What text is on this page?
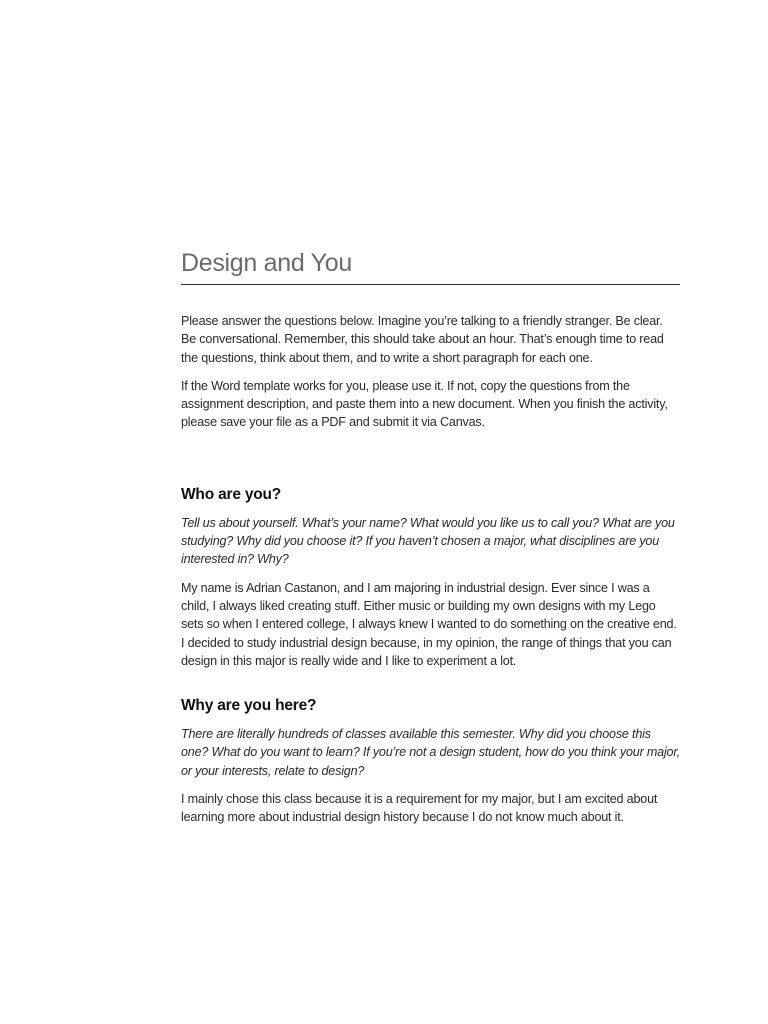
Design and You

Please answer the questions below. Imagine you’re talking to a friendly stranger. Be clear. Be conversational. Remember, this should take about an hour. That’s enough time to read the questions, think about them, and to write a short paragraph for each one.

If the Word template works for you, please use it. If not, copy the questions from the assignment description, and paste them into a new document. When you finish the activity, please save your file as a PDF and submit it via Canvas.

Who are you?

Tell us about yourself. What’s your name? What would you like us to call you? What are you studying? Why did you choose it? If you haven’t chosen a major, what disciplines are you interested in? Why?

My name is Adrian Castanon, and I am majoring in industrial design. Ever since I was a child, I always liked creating stuff. Either music or building my own designs with my Lego sets so when I entered college, I always knew I wanted to do something on the creative end. I decided to study industrial design because, in my opinion, the range of things that you can design in this major is really wide and I like to experiment a lot.

Why are you here?

There are literally hundreds of classes available this semester. Why did you choose this one? What do you want to learn? If you’re not a design student, how do you think your major, or your interests, relate to design?

I mainly chose this class because it is a requirement for my major, but I am excited about learning more about industrial design history because I do not know much about it.
